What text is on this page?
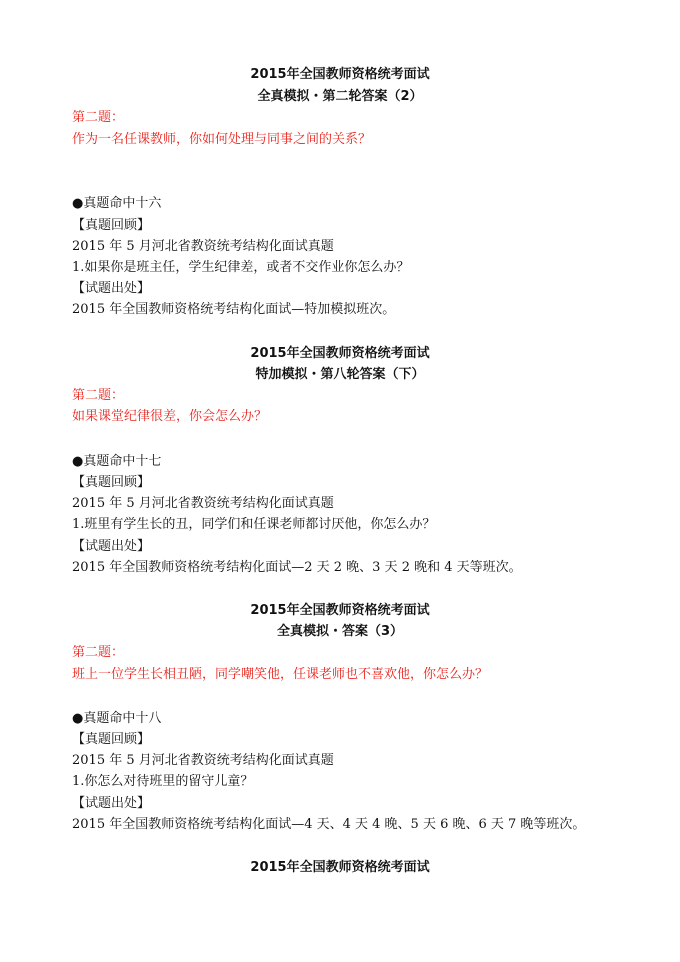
2015年全国教师资格统考面试
全真模拟・第二轮答案（2）
第二题：
作为一名任课教师，你如何处理与同事之间的关系？
●真题命中十六
【真题回顾】
2015 年 5 月河北省教资统考结构化面试真题
1.如果你是班主任，学生纪律差，或者不交作业你怎么办？
【试题出处】
2015 年全国教师资格统考结构化面试—特加模拟班次。
2015年全国教师资格统考面试
特加模拟・第八轮答案（下）
第二题：
如果课堂纪律很差，你会怎么办？
●真题命中十七
【真题回顾】
2015 年 5 月河北省教资统考结构化面试真题
1.班里有学生长的丑，同学们和任课老师都讨厌他，你怎么办？
【试题出处】
2015 年全国教师资格统考结构化面试—2 天 2 晚、3 天 2 晚和 4 天等班次。
2015年全国教师资格统考面试
全真模拟・答案（3）
第二题：
班上一位学生长相丑陋，同学嘲笑他，任课老师也不喜欢他，你怎么办？
●真题命中十八
【真题回顾】
2015 年 5 月河北省教资统考结构化面试真题
1.你怎么对待班里的留守儿童？
【试题出处】
2015 年全国教师资格统考结构化面试—4 天、4 天 4 晚、5 天 6 晚、6 天 7 晚等班次。
2015年全国教师资格统考面试
